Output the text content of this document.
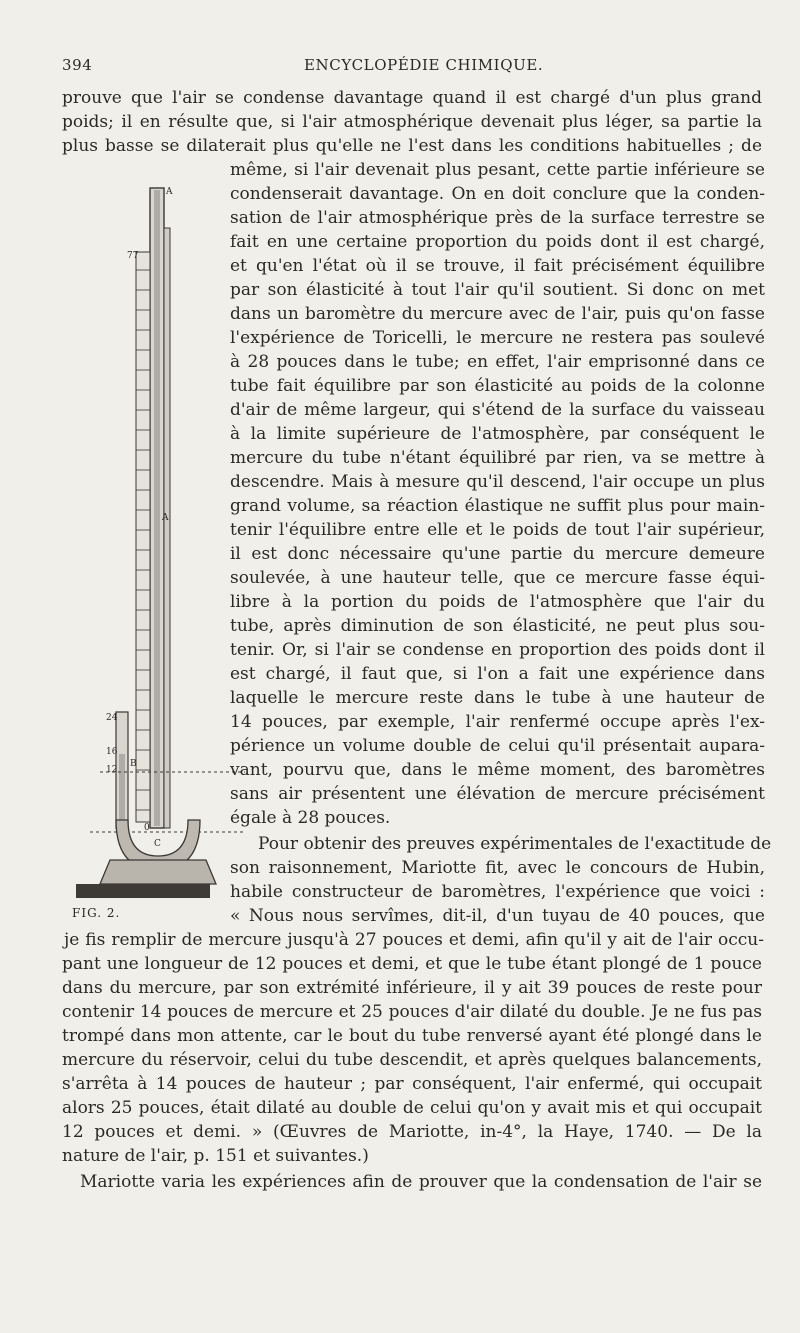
394	ENCYCLOPÉDIE CHIMIQUE.
A
77
A
24
16
12
B
0
C
FIG. 2.
prouve que l'air se condense davantage quand il est chargé d'un plus grand
poids; il en résulte que, si l'air atmosphérique devenait plus léger, sa partie la
plus basse se dilaterait plus qu'elle ne l'est dans les conditions habituelles ; de
même, si l'air devenait plus pesant, cette partie inférieure se
condenserait davantage. On en doit conclure que la conden-
sation de l'air atmosphérique près de la surface terrestre se
fait en une certaine proportion du poids dont il est chargé,
et qu'en l'état où il se trouve, il fait précisément équilibre
par son élasticité à tout l'air qu'il soutient. Si donc on met
dans un baromètre du mercure avec de l'air, puis qu'on fasse
l'expérience de Toricelli, le mercure ne restera pas soulevé
à 28 pouces dans le tube; en effet, l'air emprisonné dans ce
tube fait équilibre par son élasticité au poids de la colonne
d'air de même largeur, qui s'étend de la surface du vaisseau
à la limite supérieure de l'atmosphère, par conséquent le
mercure du tube n'étant équilibré par rien, va se mettre à
descendre. Mais à mesure qu'il descend, l'air occupe un plus
grand volume, sa réaction élastique ne suffit plus pour main-
tenir l'équilibre entre elle et le poids de tout l'air supérieur,
il est donc nécessaire qu'une partie du mercure demeure
soulevée, à une hauteur telle, que ce mercure fasse équi-
libre à la portion du poids de l'atmosphère que l'air du
tube, après diminution de son élasticité, ne peut plus sou-
tenir. Or, si l'air se condense en proportion des poids dont il
est chargé, il faut que, si l'on a fait une expérience dans
laquelle le mercure reste dans le tube à une hauteur de
14 pouces, par exemple, l'air renfermé occupe après l'ex-
périence un volume double de celui qu'il présentait aupara-
vant, pourvu que, dans le même moment, des baromètres
sans air présentent une élévation de mercure précisément
égale à 28 pouces.
Pour obtenir des preuves expérimentales de l'exactitude de
son raisonnement, Mariotte fit, avec le concours de Hubin,
habile constructeur de baromètres, l'expérience que voici :
« Nous nous servîmes, dit-il, d'un tuyau de 40 pouces, que
je fis remplir de mercure jusqu'à 27 pouces et demi, afin qu'il y ait de l'air occu-
pant une longueur de 12 pouces et demi, et que le tube étant plongé de 1 pouce
dans du mercure, par son extrémité inférieure, il y ait 39 pouces de reste pour
contenir 14 pouces de mercure et 25 pouces d'air dilaté du double. Je ne fus pas
trompé dans mon attente, car le bout du tube renversé ayant été plongé dans le
mercure du réservoir, celui du tube descendit, et après quelques balancements,
s'arrêta à 14 pouces de hauteur ; par conséquent, l'air enfermé, qui occupait
alors 25 pouces, était dilaté au double de celui qu'on y avait mis et qui occupait
12 pouces et demi. » (Œuvres de Mariotte, in-4°, la Haye, 1740. — De la
nature de l'air, p. 151 et suivantes.)
Mariotte varia les expériences afin de prouver que la condensation de l'air se
